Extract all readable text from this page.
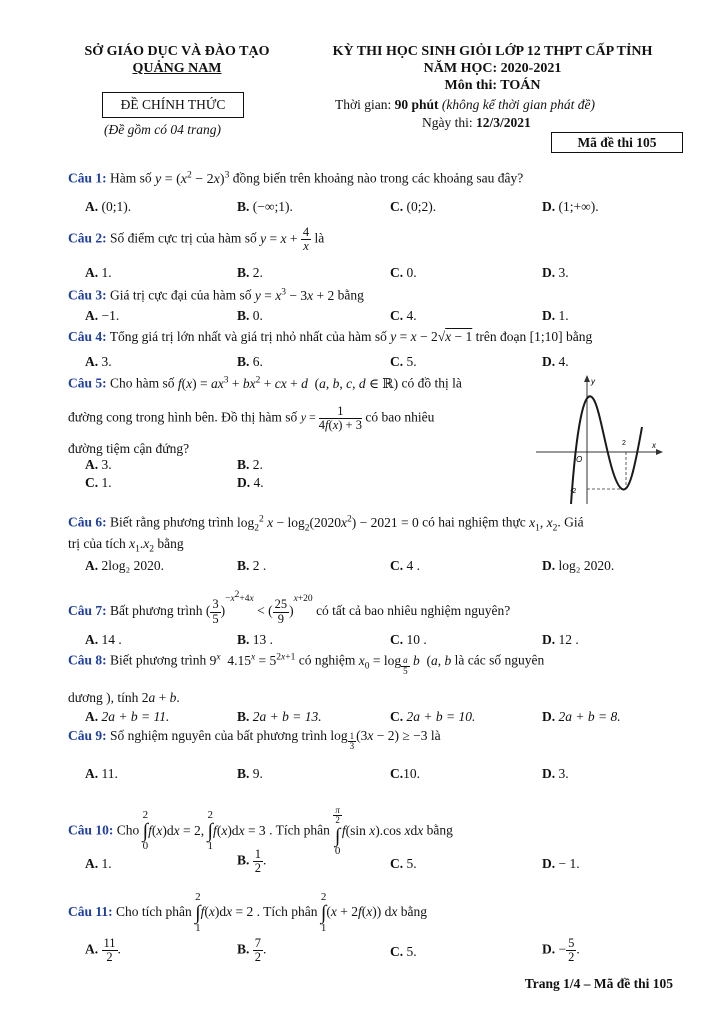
SỞ GIÁO DỤC VÀ ĐÀO TẠO
QUẢNG NAM
KỲ THI HỌC SINH GIỎI LỚP 12 THPT CẤP TỈNH
NĂM HỌC: 2020-2021
Môn thi: TOÁN
ĐỀ CHÍNH THỨC
(Đề gồm có 04 trang)
Thời gian: 90 phút (không kể thời gian phát đề)
Ngày thi: 12/3/2021
Mã đề thi 105
Câu 1: Hàm số $y = (x^2 - 2x)^3$ đồng biến trên khoảng nào trong các khoảng sau đây?
A. (0;1).	B. (−∞;1).	C. (0;2).	D. (1;+∞).
Câu 2: Số điểm cực trị của hàm số $y = x + \frac{4}{x}$ là
A. 1.	B. 2.	C. 0.	D. 3.
Câu 3: Giá trị cực đại của hàm số $y = x^3 - 3x + 2$ bằng
A. −1.	B. 0.	C. 4.	D. 1.
Câu 4: Tổng giá trị lớn nhất và giá trị nhỏ nhất của hàm số y = x − 2√x − 1 trên đoạn [1;10] bằng
A. 3.	B. 6.	C. 5.	D. 4.
Câu 5: Cho hàm số $f(x) = ax^3 + bx^2$ + cx + d  (a, b, c, d ∈ ℝ) có đồ thị là
đường cong trong hình bên. Đồ thị hàm số $y = \frac{1}{4f(x) + 3}$ có bao nhiêu
đường tiệm cận đứng?
A. 3.	B. 2.
C. 1.	D. 4.
y
x
O
2
-2
Câu 6: Biết rằng phương trình $\log_2^2 x - \log_2(2020x^2) - 2021 = 0$ có hai nghiệm thực $x_1$, $x_2$. Giá
trị của tích $x_1.x_2$ bằng
A. 2log₂ 2020.	B. 2 .	C. 4 .	D. log₂ 2020.
Câu 7: Bất phương trình ( $\frac{3}{5} )^{-x^2+4x}$ < ( $\frac{25}{9} )^{x+20}$ có tất cả bao nhiêu nghiệm nguyên?
A. 14 .	B. 13 .	C. 10 .	D. 12 .
Câu 8: Biết phương trình 9$^x$  $4.15^x = 5^{2x+1}$ có nghiệm $x_0 = \log _{\frac{a}{5}}$ b  (a, b là các số nguyên
dương ), tính 2a + b.
A. 2a + b = 11.	B. 2a + b = 13.	C. 2a + b = 10.	D. 2a + b = 8.
Câu 9: Số nghiệm nguyên của bất phương trình log $_{\frac{1}{3}}$ (3x − 2) ≥ −3 là
A. 11.	B. 9.	C.10.	D. 3.
Câu 10: Cho 2
∫
0f(x)dx = 2, 2
∫
1f(x)dx = 3 . Tích phân
$\frac{\pi}{2}$
∫
0f(sin x).cos xdx bằng
A. 1.	B. $\frac{1}{2}$ .	C. 5.	D. − 1.
Câu 11: Cho tích phân 2
∫
1f(x)dx = 2 . Tích phân 2
∫
1(x + 2f(x)) dx bằng
A. $\frac{11}{2}$ .	B. $\frac{7}{2}$ .	C. 5.	D. − $\frac{5}{2}$ .
Trang 1/4 – Mã đề thi 105
